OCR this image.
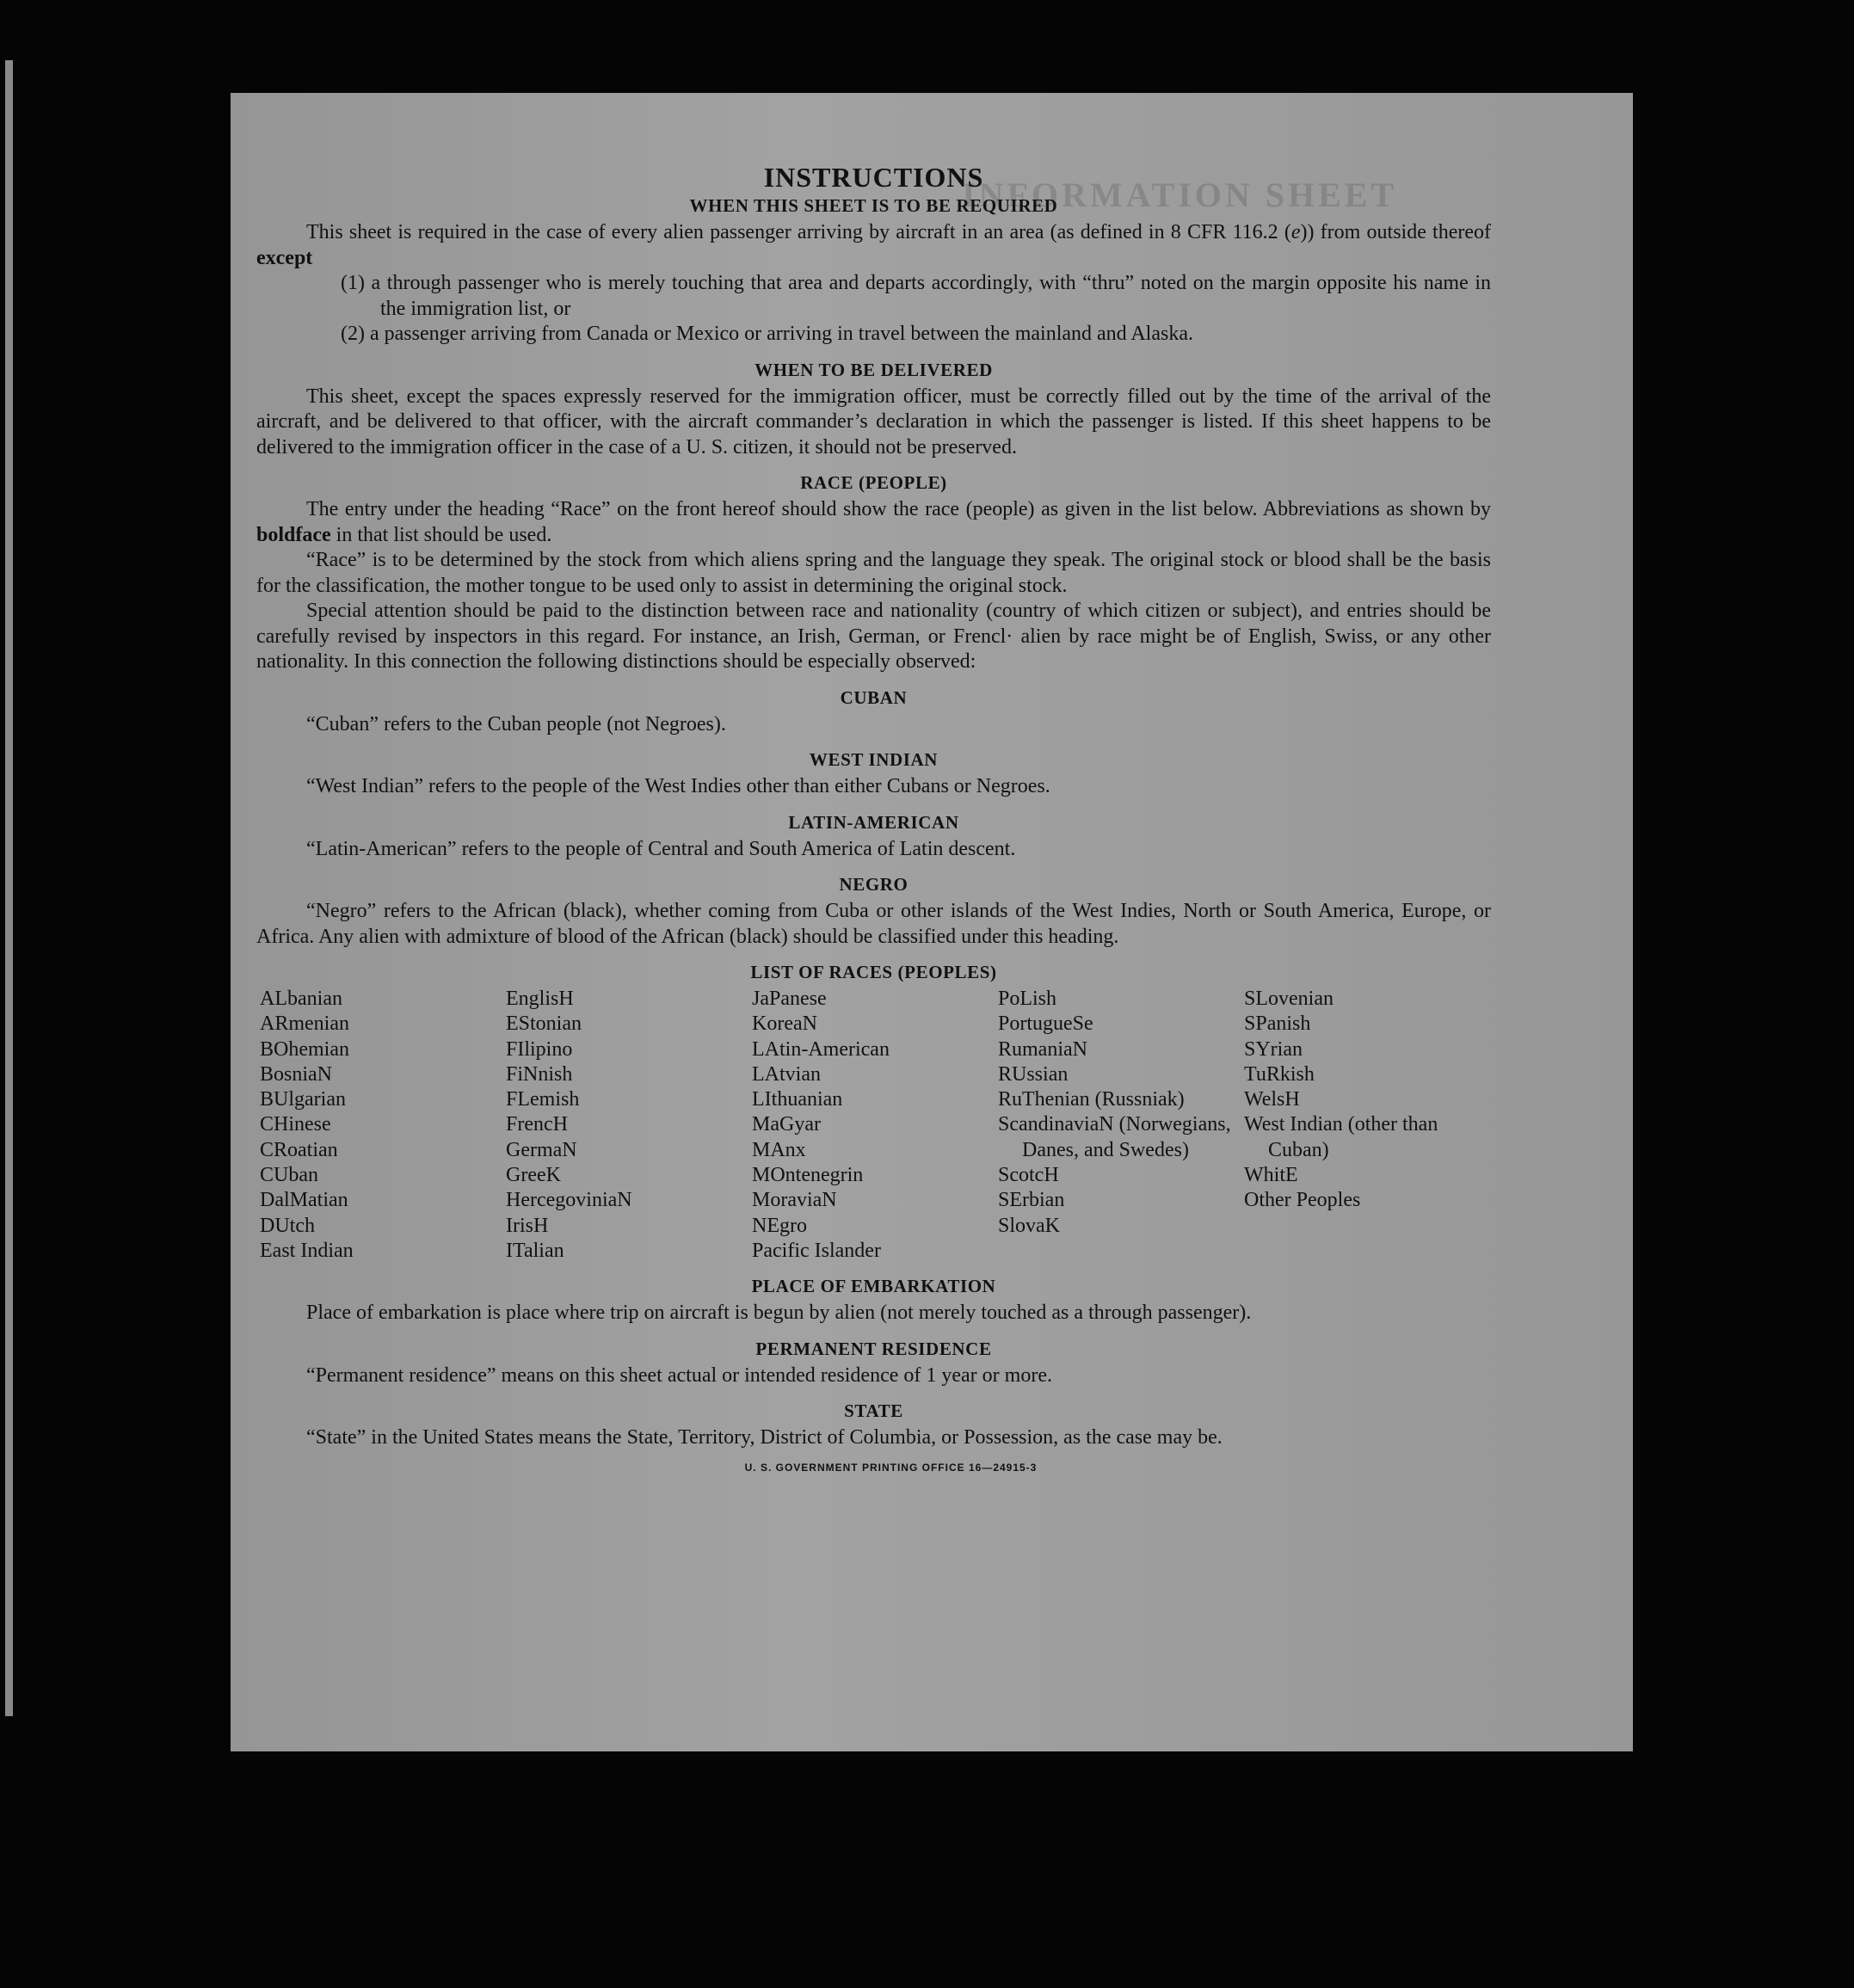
INFORMATION SHEET
INSTRUCTIONS
WHEN THIS SHEET IS TO BE REQUIRED

This sheet is required in the case of every alien passenger arriving by aircraft in an area (as defined in 8 CFR 116.2 (e)) from outside thereof except

(1) a through passenger who is merely touching that area and departs accordingly, with “thru” noted on the margin opposite his name in the immigration list, or
(2) a passenger arriving from Canada or Mexico or arriving in travel between the mainland and Alaska.
WHEN TO BE DELIVERED

This sheet, except the spaces expressly reserved for the immigration officer, must be correctly filled out by the time of the arrival of the aircraft, and be delivered to that officer, with the aircraft commander’s declaration in which the passenger is listed. If this sheet happens to be delivered to the immigration officer in the case of a U. S. citizen, it should not be preserved.

RACE (PEOPLE)

The entry under the heading “Race” on the front hereof should show the race (people) as given in the list below. Abbreviations as shown by boldface in that list should be used.

“Race” is to be determined by the stock from which aliens spring and the language they speak. The original stock or blood shall be the basis for the classification, the mother tongue to be used only to assist in determining the original stock.

Special attention should be paid to the distinction between race and nationality (country of which citizen or subject), and entries should be carefully revised by inspectors in this regard. For instance, an Irish, German, or Frencl· alien by race might be of English, Swiss, or any other nationality. In this connection the following distinctions should be especially observed:

CUBAN

“Cuban” refers to the Cuban people (not Negroes).

WEST INDIAN

“West Indian” refers to the people of the West Indies other than either Cubans or Negroes.

LATIN-AMERICAN

“Latin-American” refers to the people of Central and South America of Latin descent.

NEGRO

“Negro” refers to the African (black), whether coming from Cuba or other islands of the West Indies, North or South America, Europe, or Africa. Any alien with admixture of blood of the African (black) should be classified under this heading.

LIST OF RACES (PEOPLES)
ALbanian
ARmenian
BOhemian
BosniaN
BUlgarian
CHinese
CRoatian
CUban
DalMatian
DUtch
East Indian
EnglisH
EStonian
FIlipino
FiNnish
FLemish
FrencH
GermaN
GreeK
HercegoviniaN
IrisH
ITalian
JaPanese
KoreaN
LAtin-American
LAtvian
LIthuanian
MaGyar
MAnx
MOntenegrin
MoraviaN
NEgro
Pacific Islander
PoLish
PortugueSe
RumaniaN
RUssian
RuThenian (Russniak)
ScandinaviaN (Norwegians, Danes, and Swedes)
ScotcH
SErbian
SlovaK
SLovenian
SPanish
SYrian
TuRkish
WelsH
West Indian (other than Cuban)
WhitE
Other Peoples
PLACE OF EMBARKATION

Place of embarkation is place where trip on aircraft is begun by alien (not merely touched as a through passenger).

PERMANENT RESIDENCE

“Permanent residence” means on this sheet actual or intended residence of 1 year or more.

STATE

“State” in the United States means the State, Territory, District of Columbia, or Possession, as the case may be.

U. S. GOVERNMENT PRINTING OFFICE 16—24915-3
